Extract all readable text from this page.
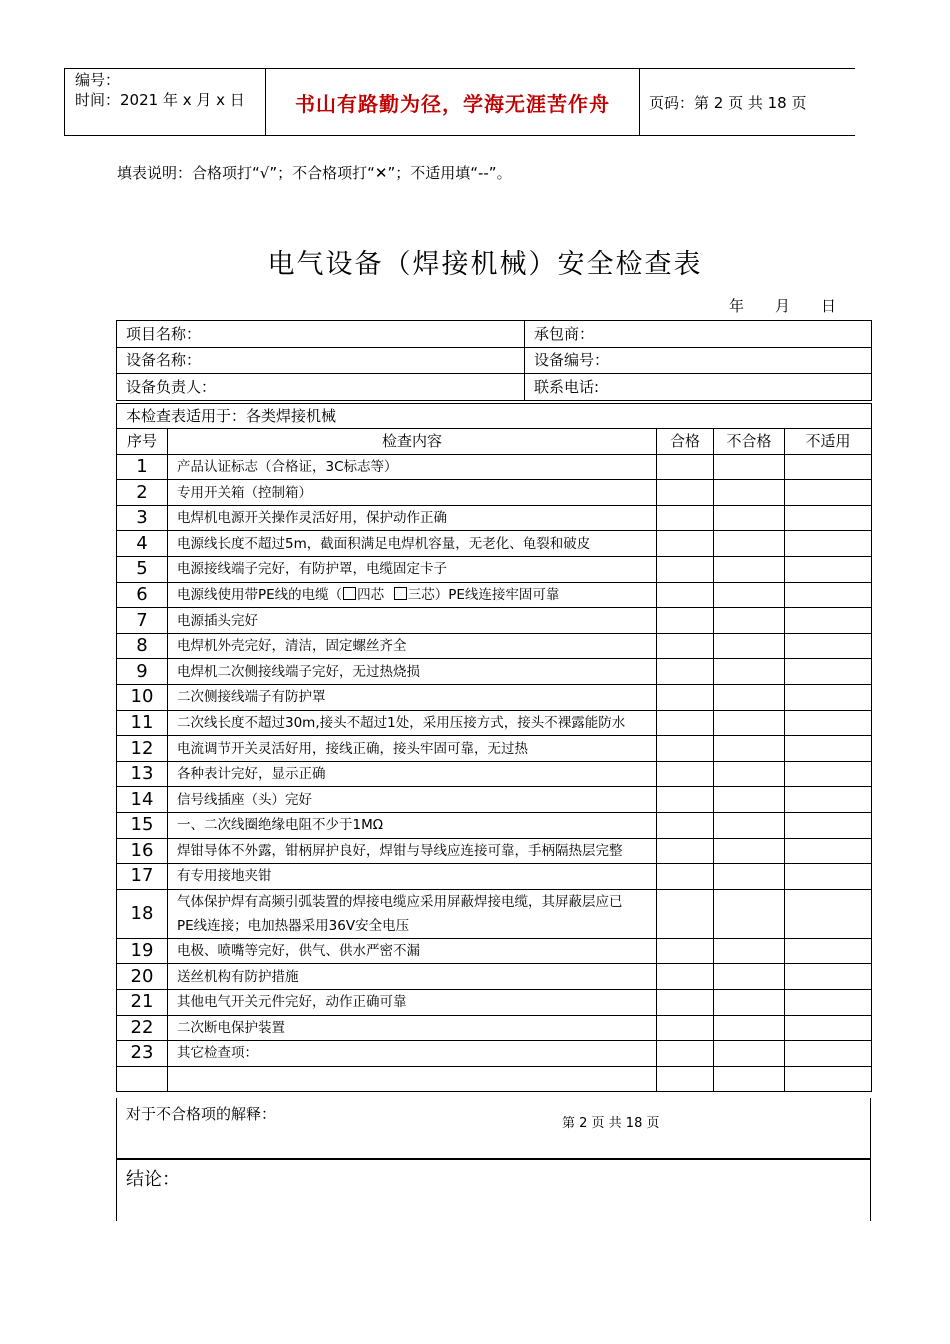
编号：
时间：2021 年 x 月 x 日	书山有路勤为径，学海无涯苦作舟	页码：第 2 页 共 18 页
填表说明：合格项打“√”；不合格项打“✕”；不适用填“--”。
电气设备（焊接机械）安全检查表
年 月 日
项目名称：	承包商：
设备名称：	设备编号：
设备负责人：	联系电话:
本检查表适用于：各类焊接机械				
序号	检查内容	合格	不合格	不适用
1	产品认证标志（合格证，3C标志等）			
2	专用开关箱（控制箱）			
3	电焊机电源开关操作灵活好用，保护动作正确			
4	电源线长度不超过5m，截面积满足电焊机容量，无老化、龟裂和破皮			
5	电源接线端子完好，有防护罩，电缆固定卡子			
6	电源线使用带PE线的电缆（ 四芯 三芯）PE线连接牢固可靠			
7	电源插头完好			
8	电焊机外壳完好，清洁，固定螺丝齐全			
9	电焊机二次侧接线端子完好，无过热烧损			
10	二次侧接线端子有防护罩			
11	二次线长度不超过30m,接头不超过1处，采用压接方式，接头不裸露能防水			
12	电流调节开关灵活好用，接线正确，接头牢固可靠，无过热			
13	各种表计完好，显示正确			
14	信号线插座（头）完好			
15	一、二次线圈绝缘电阻不少于1MΩ			
16	焊钳导体不外露，钳柄屏护良好，焊钳与导线应连接可靠，手柄隔热层完整			
17	有专用接地夹钳			
18	气体保护焊有高频引弧装置的焊接电缆应采用屏蔽焊接电缆，其屏蔽层应已
PE线连接；电加热器采用36V安全电压			

19	电极、喷嘴等完好，供气、供水严密不漏			
20	送丝机构有防护措施			
21	其他电气开关元件完好，动作正确可靠			
22	二次断电保护装置			
23	其它检查项：			

对于不合格项的解释：
第 2 页 共 18 页
结论：
